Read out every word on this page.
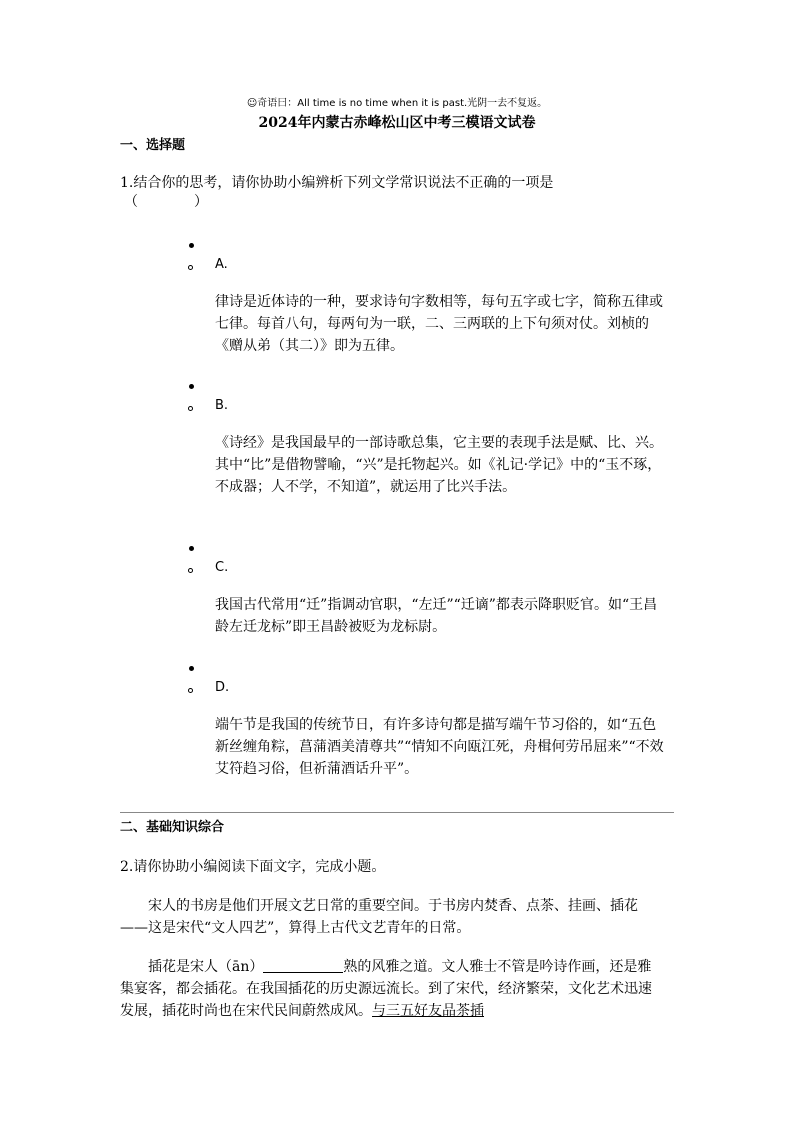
☺奇语曰：All time is no time when it is past.光阴一去不复返。
2024年内蒙古赤峰松山区中考三模语文试卷
一、选择题
1.结合你的思考，请你协助小编辨析下列文学常识说法不正确的一项是
（　　　　）
A.
律诗是近体诗的一种，要求诗句字数相等，每句五字或七字，简称五律或七律。每首八句，每两句为一联，二、三两联的上下句须对仗。刘桢的《赠从弟（其二）》即为五律。
B.
《诗经》是我国最早的一部诗歌总集，它主要的表现手法是赋、比、兴。其中“比”是借物譬喻，“兴”是托物起兴。如《礼记·学记》中的“玉不琢，不成器；人不学，不知道”，就运用了比兴手法。
C.
我国古代常用“迁”指调动官职，“左迁”“迁谪”都表示降职贬官。如“王昌龄左迁龙标”即王昌龄被贬为龙标尉。
D.
端午节是我国的传统节日，有许多诗句都是描写端午节习俗的，如“五色新丝缠角粽，菖蒲酒美清尊共”“情知不向瓯江死，舟楫何劳吊屈来”“不效艾符趋习俗，但祈蒲酒话升平”。
二、基础知识综合
2.请你协助小编阅读下面文字，完成小题。
宋人的书房是他们开展文艺日常的重要空间。于书房内焚香、点茶、挂画、插花——这是宋代“文人四艺”，算得上古代文艺青年的日常。
插花是宋人（ān）	熟的风雅之道。文人雅士不管是吟诗作画，还是雅集宴客，都会插花。在我国插花的历史源远流长。到了宋代，经济繁荣，文化艺术迅速发展，插花时尚也在宋代民间蔚然成风。与三五好友品茶插
